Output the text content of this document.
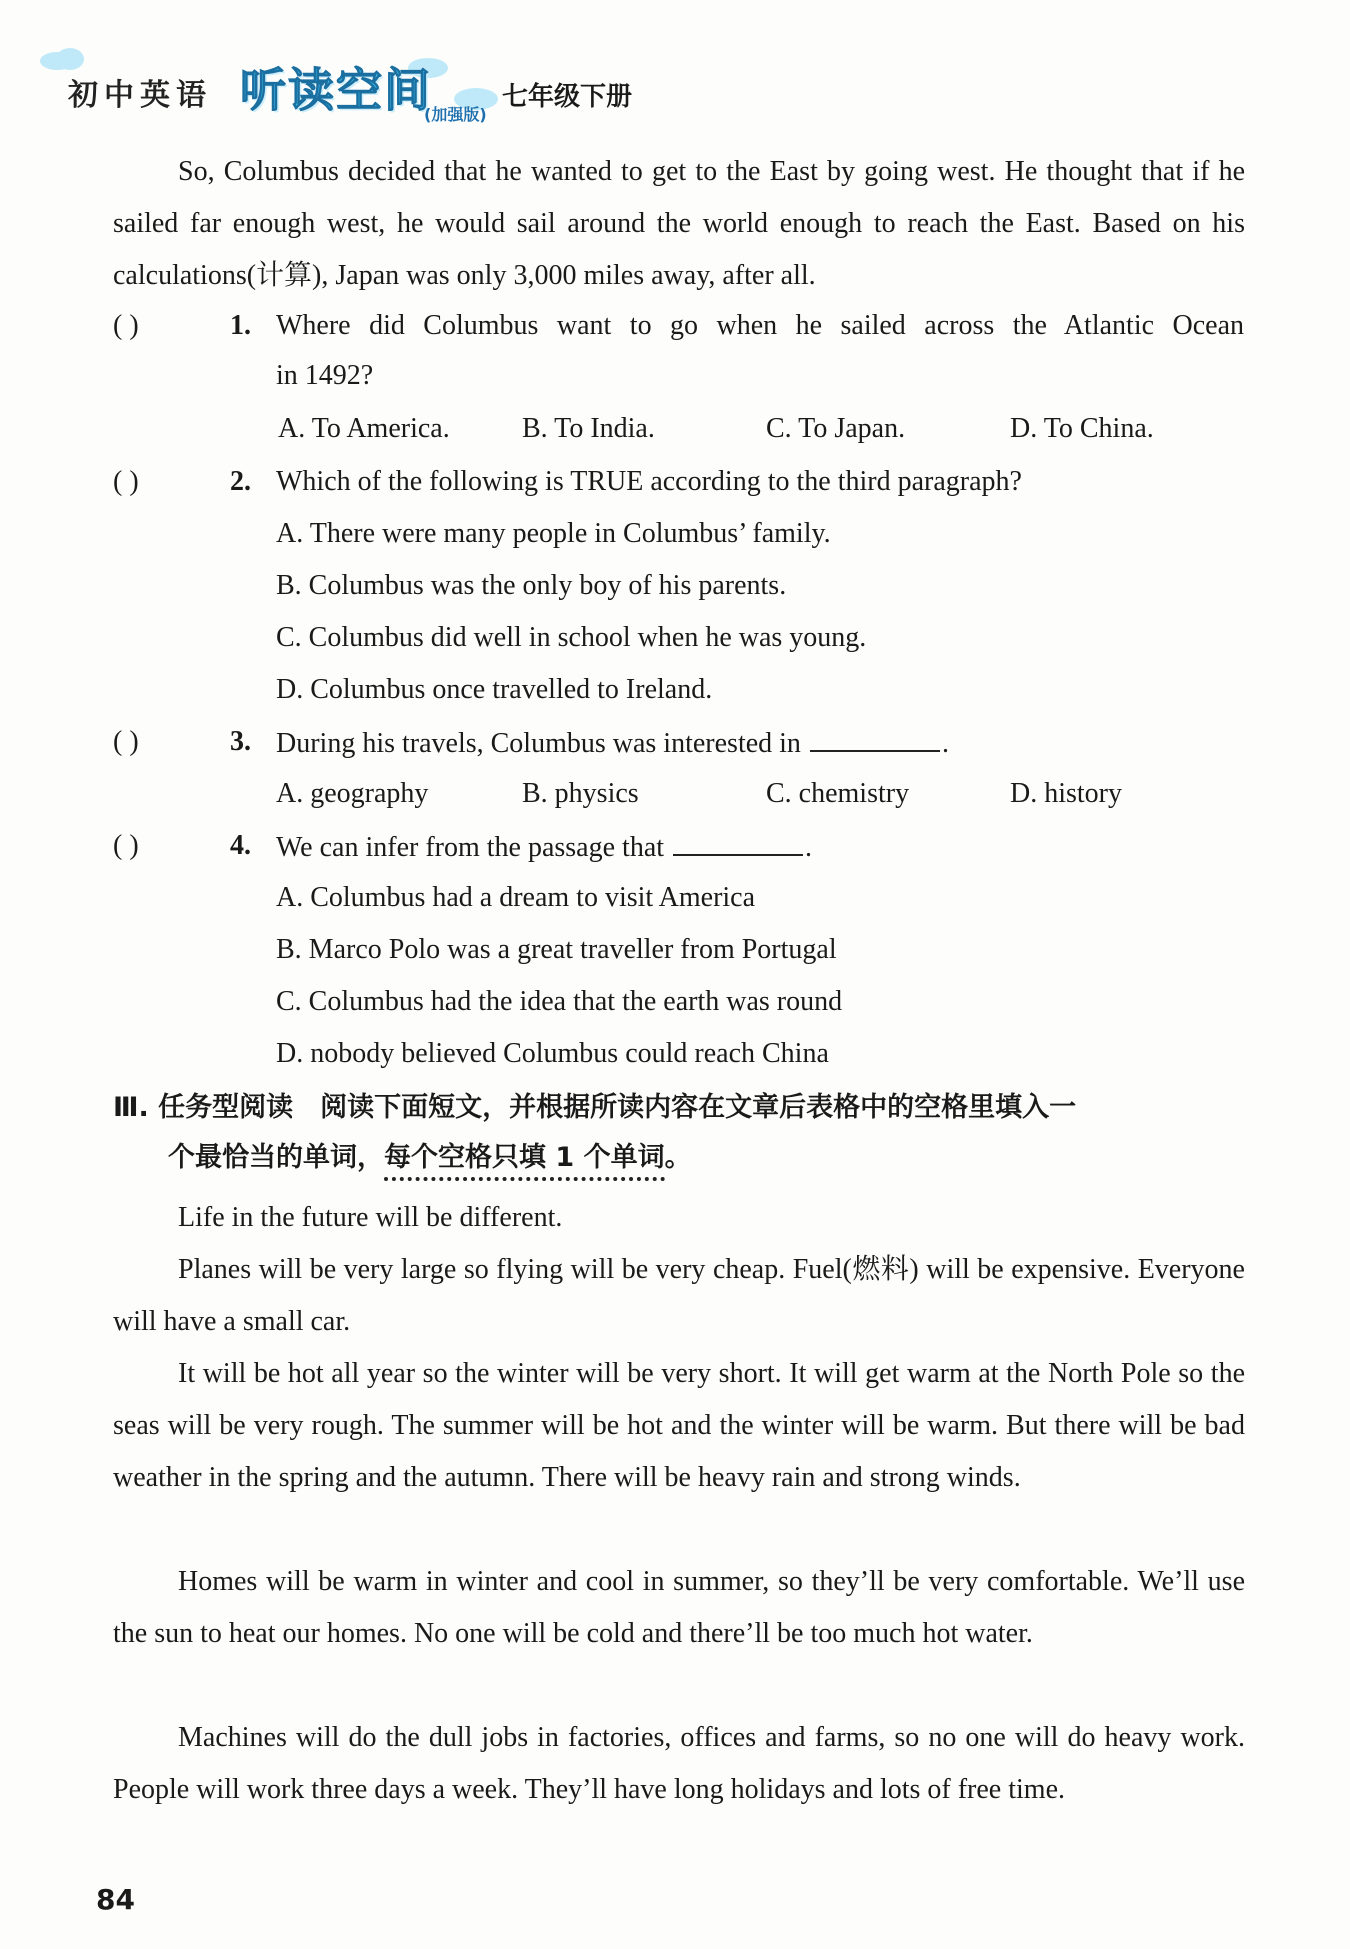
初中英语 听读空间
(加强版)
七年级下册
So, Columbus decided that he wanted to get to the East by going west. He thought that if he sailed far enough west, he would sail around the world enough to reach the East. Based on his calculations(计算), Japan was only 3,000 miles away, after all.
( )	1. Where did Columbus want to go when he sailed across the Atlantic Ocean
in 1492?
A. To America.	B. To India.	C. To Japan.	D. To China.
( )	2. Which of the following is TRUE according to the third paragraph?
A. There were many people in Columbus’ family.
B. Columbus was the only boy of his parents.
C. Columbus did well in school when he was young.
D. Columbus once travelled to Ireland.
( )	3. During his travels, Columbus was interested in	.
A. geography	B. physics	C. chemistry	D. history
( )	4. We can infer from the passage that	.
A. Columbus had a dream to visit America
B. Marco Polo was a great traveller from Portugal
C. Columbus had the idea that the earth was round
D. nobody believed Columbus could reach China
Ⅲ. 任务型阅读　阅读下面短文，并根据所读内容在文章后表格中的空格里填入一
个最恰当的单词，每个空格只填 1 个单词。
Life in the future will be different.
Planes will be very large so flying will be very cheap. Fuel(燃料) will be expensive. Everyone will have a small car.
It will be hot all year so the winter will be very short. It will get warm at the North Pole so the seas will be very rough. The summer will be hot and the winter will be warm. But there will be bad weather in the spring and the autumn. There will be heavy rain and strong winds.
Homes will be warm in winter and cool in summer, so they’ll be very comfortable. We’ll use the sun to heat our homes. No one will be cold and there’ll be too much hot water.
Machines will do the dull jobs in factories, offices and farms, so no one will do heavy work. People will work three days a week. They’ll have long holidays and lots of free time.
84
